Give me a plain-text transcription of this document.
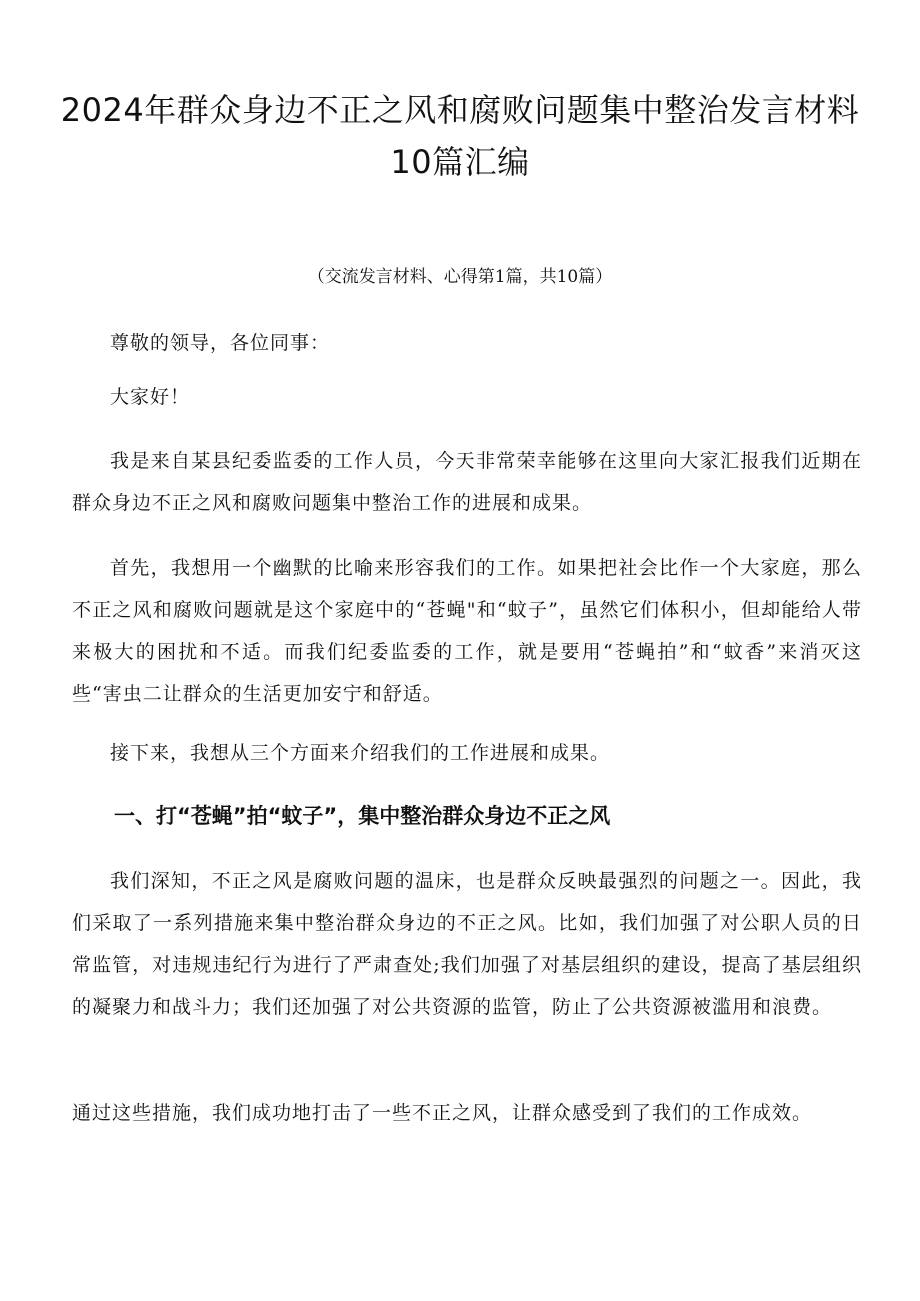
2024年群众身边不正之风和腐败问题集中整治发言材料10篇汇编

（交流发言材料、心得第1篇，共10篇）

尊敬的领导，各位同事：

大家好！

我是来自某县纪委监委的工作人员，今天非常荣幸能够在这里向大家汇报我们近期在群众身边不正之风和腐败问题集中整治工作的进展和成果。

首先，我想用一个幽默的比喻来形容我们的工作。如果把社会比作一个大家庭，那么不正之风和腐败问题就是这个家庭中的“苍蝇"和“蚊子”，虽然它们体积小，但却能给人带来极大的困扰和不适。而我们纪委监委的工作，就是要用“苍蝇拍”和“蚊香”来消灭这些“害虫二让群众的生活更加安宁和舒适。

接下来，我想从三个方面来介绍我们的工作进展和成果。

一、打“苍蝇”拍“蚊子”，集中整治群众身边不正之风

我们深知，不正之风是腐败问题的温床，也是群众反映最强烈的问题之一。因此，我们采取了一系列措施来集中整治群众身边的不正之风。比如，我们加强了对公职人员的日常监管，对违规违纪行为进行了严肃查处;我们加强了对基层组织的建设，提高了基层组织的凝聚力和战斗力；我们还加强了对公共资源的监管，防止了公共资源被滥用和浪费。

通过这些措施，我们成功地打击了一些不正之风，让群众感受到了我们的工作成效。
